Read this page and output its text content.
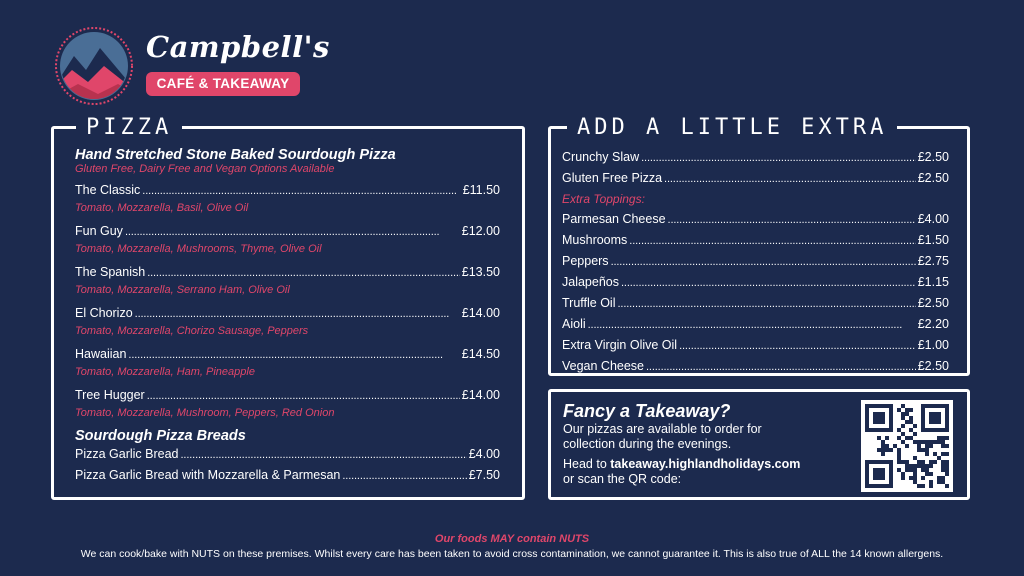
Campbell's
CAFÉ & TAKEAWAY
PIZZA
Hand Stretched Stone Baked Sourdough Pizza
Gluten Free, Dairy Free and Vegan Options Available
The Classic . . .	£11.50
Tomato, Mozzarella, Basil, Olive Oil
Fun Guy . . .	£12.00
Tomato, Mozzarella, Mushrooms, Thyme, Olive Oil
The Spanish . . .	£13.50
Tomato, Mozzarella, Serrano Ham, Olive Oil
El Chorizo . . .	£14.00
Tomato, Mozzarella, Chorizo Sausage, Peppers
Hawaiian . . .	£14.50
Tomato, Mozzarella, Ham, Pineapple
Tree Hugger . . .	£14.00
Tomato, Mozzarella, Mushroom, Peppers, Red Onion
Sourdough Pizza Breads
Pizza Garlic Bread . . .	£4.00
Pizza Garlic Bread with Mozzarella & Parmesan . . .	£7.50
ADD A LITTLE EXTRA
Crunchy Slaw . . .	£2.50
Gluten Free Pizza . . .	£2.50
Extra Toppings:
Parmesan Cheese . . .	£4.00
Mushrooms . . .	£1.50
Peppers . . .	£2.75
Jalapeños . . .	£1.15
Truffle Oil . . .	£2.50
Aioli . . .	£2.20
Extra Virgin Olive Oil . . .	£1.00
Vegan Cheese . . .	£2.50
Fancy a Takeaway?
Our pizzas are available to order for
collection during the evenings.
Head to takeaway.highlandholidays.com
or scan the QR code:
Our foods MAY contain NUTS
We can cook/bake with NUTS on these premises. Whilst every care has been taken to avoid cross contamination, we cannot guarantee it. This is also true of ALL the 14 known allergens.
